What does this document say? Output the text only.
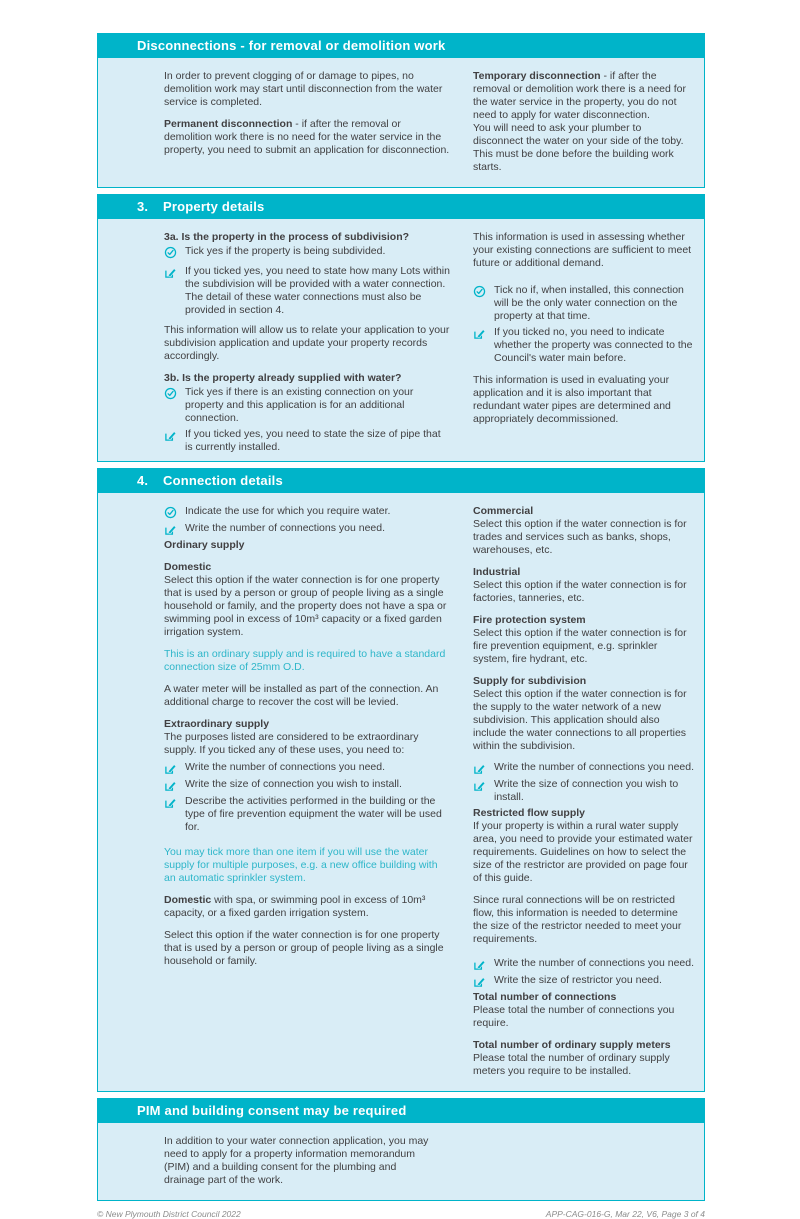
Disconnections - for removal or demolition work

In order to prevent clogging of or damage to pipes, no demolition work may start until disconnection from the water service is completed.

Permanent disconnection - if after the removal or demolition work there is no need for the water service in the property, you need to submit an application for disconnection.

Temporary disconnection - if after the removal or demolition work there is a need for the water service in the property, you do not need to apply for water disconnection.

You will need to ask your plumber to disconnect the water on your side of the toby. This must be done before the building work starts.

3.	Property details

3a. Is the property in the process of subdivision?

Tick yes if the property is being subdivided.
If you ticked yes, you need to state how many Lots within the subdivision will be provided with a water connection. The detail of these water connections must also be provided in section 4.

This information will allow us to relate your application to your subdivision application and update your property records accordingly.

3b. Is the property already supplied with water?

Tick yes if there is an existing connection on your property and this application is for an additional connection.
If you ticked yes, you need to state the size of pipe that is currently installed.

This information is used in assessing whether your existing connections are sufficient to meet future or additional demand.

Tick no if, when installed, this connection will be the only water connection on the property at that time.
If you ticked no, you need to indicate whether the property was connected to the Council's water main before.

This information is used in evaluating your application and it is also important that redundant water pipes are determined and appropriately decommissioned.

4.	Connection details
Indicate the use for which you require water.
Write the number of connections you need.

Ordinary supply

Domestic

Select this option if the water connection is for one property that is used by a person or group of people living as a single household or family, and the property does not have a spa or swimming pool in excess of 10m³ capacity or a fixed garden irrigation system.

This is an ordinary supply and is required to have a standard connection size of 25mm O.D.

A water meter will be installed as part of the connection. An additional charge to recover the cost will be levied.

Extraordinary supply

The purposes listed are considered to be extraordinary supply. If you ticked any of these uses, you need to:

Write the number of connections you need.
Write the size of connection you wish to install.
Describe the activities performed in the building or the type of fire prevention equipment the water will be used for.

You may tick more than one item if you will use the water supply for multiple purposes, e.g. a new office building with an automatic sprinkler system.

Domestic with spa, or swimming pool in excess of 10m³ capacity, or a fixed garden irrigation system.

Select this option if the water connection is for one property that is used by a person or group of people living as a single household or family.

Commercial

Select this option if the water connection is for trades and services such as banks, shops, warehouses, etc.

Industrial

Select this option if the water connection is for factories, tanneries, etc.

Fire protection system

Select this option if the water connection is for fire prevention equipment, e.g. sprinkler system, fire hydrant, etc.

Supply for subdivision

Select this option if the water connection is for the supply to the water network of a new subdivision. This application should also include the water connections to all properties within the subdivision.

Write the number of connections you need.
Write the size of connection you wish to install.

Restricted flow supply

If your property is within a rural water supply area, you need to provide your estimated water requirements. Guidelines on how to select the size of the restrictor are provided on page four of this guide.

Since rural connections will be on restricted flow, this information is needed to determine the size of the restrictor needed to meet your requirements.

Write the number of connections you need.
Write the size of restrictor you need.

Total number of connections

Please total the number of connections you require.

Total number of ordinary supply meters

Please total the number of ordinary supply meters you require to be installed.

PIM and building consent may be required

In addition to your water connection application, you may need to apply for a property information memorandum (PIM) and a building consent for the plumbing and drainage part of the work.

© New Plymouth District Council 2022	APP-CAG-016-G, Mar 22, V6, Page 3 of 4
